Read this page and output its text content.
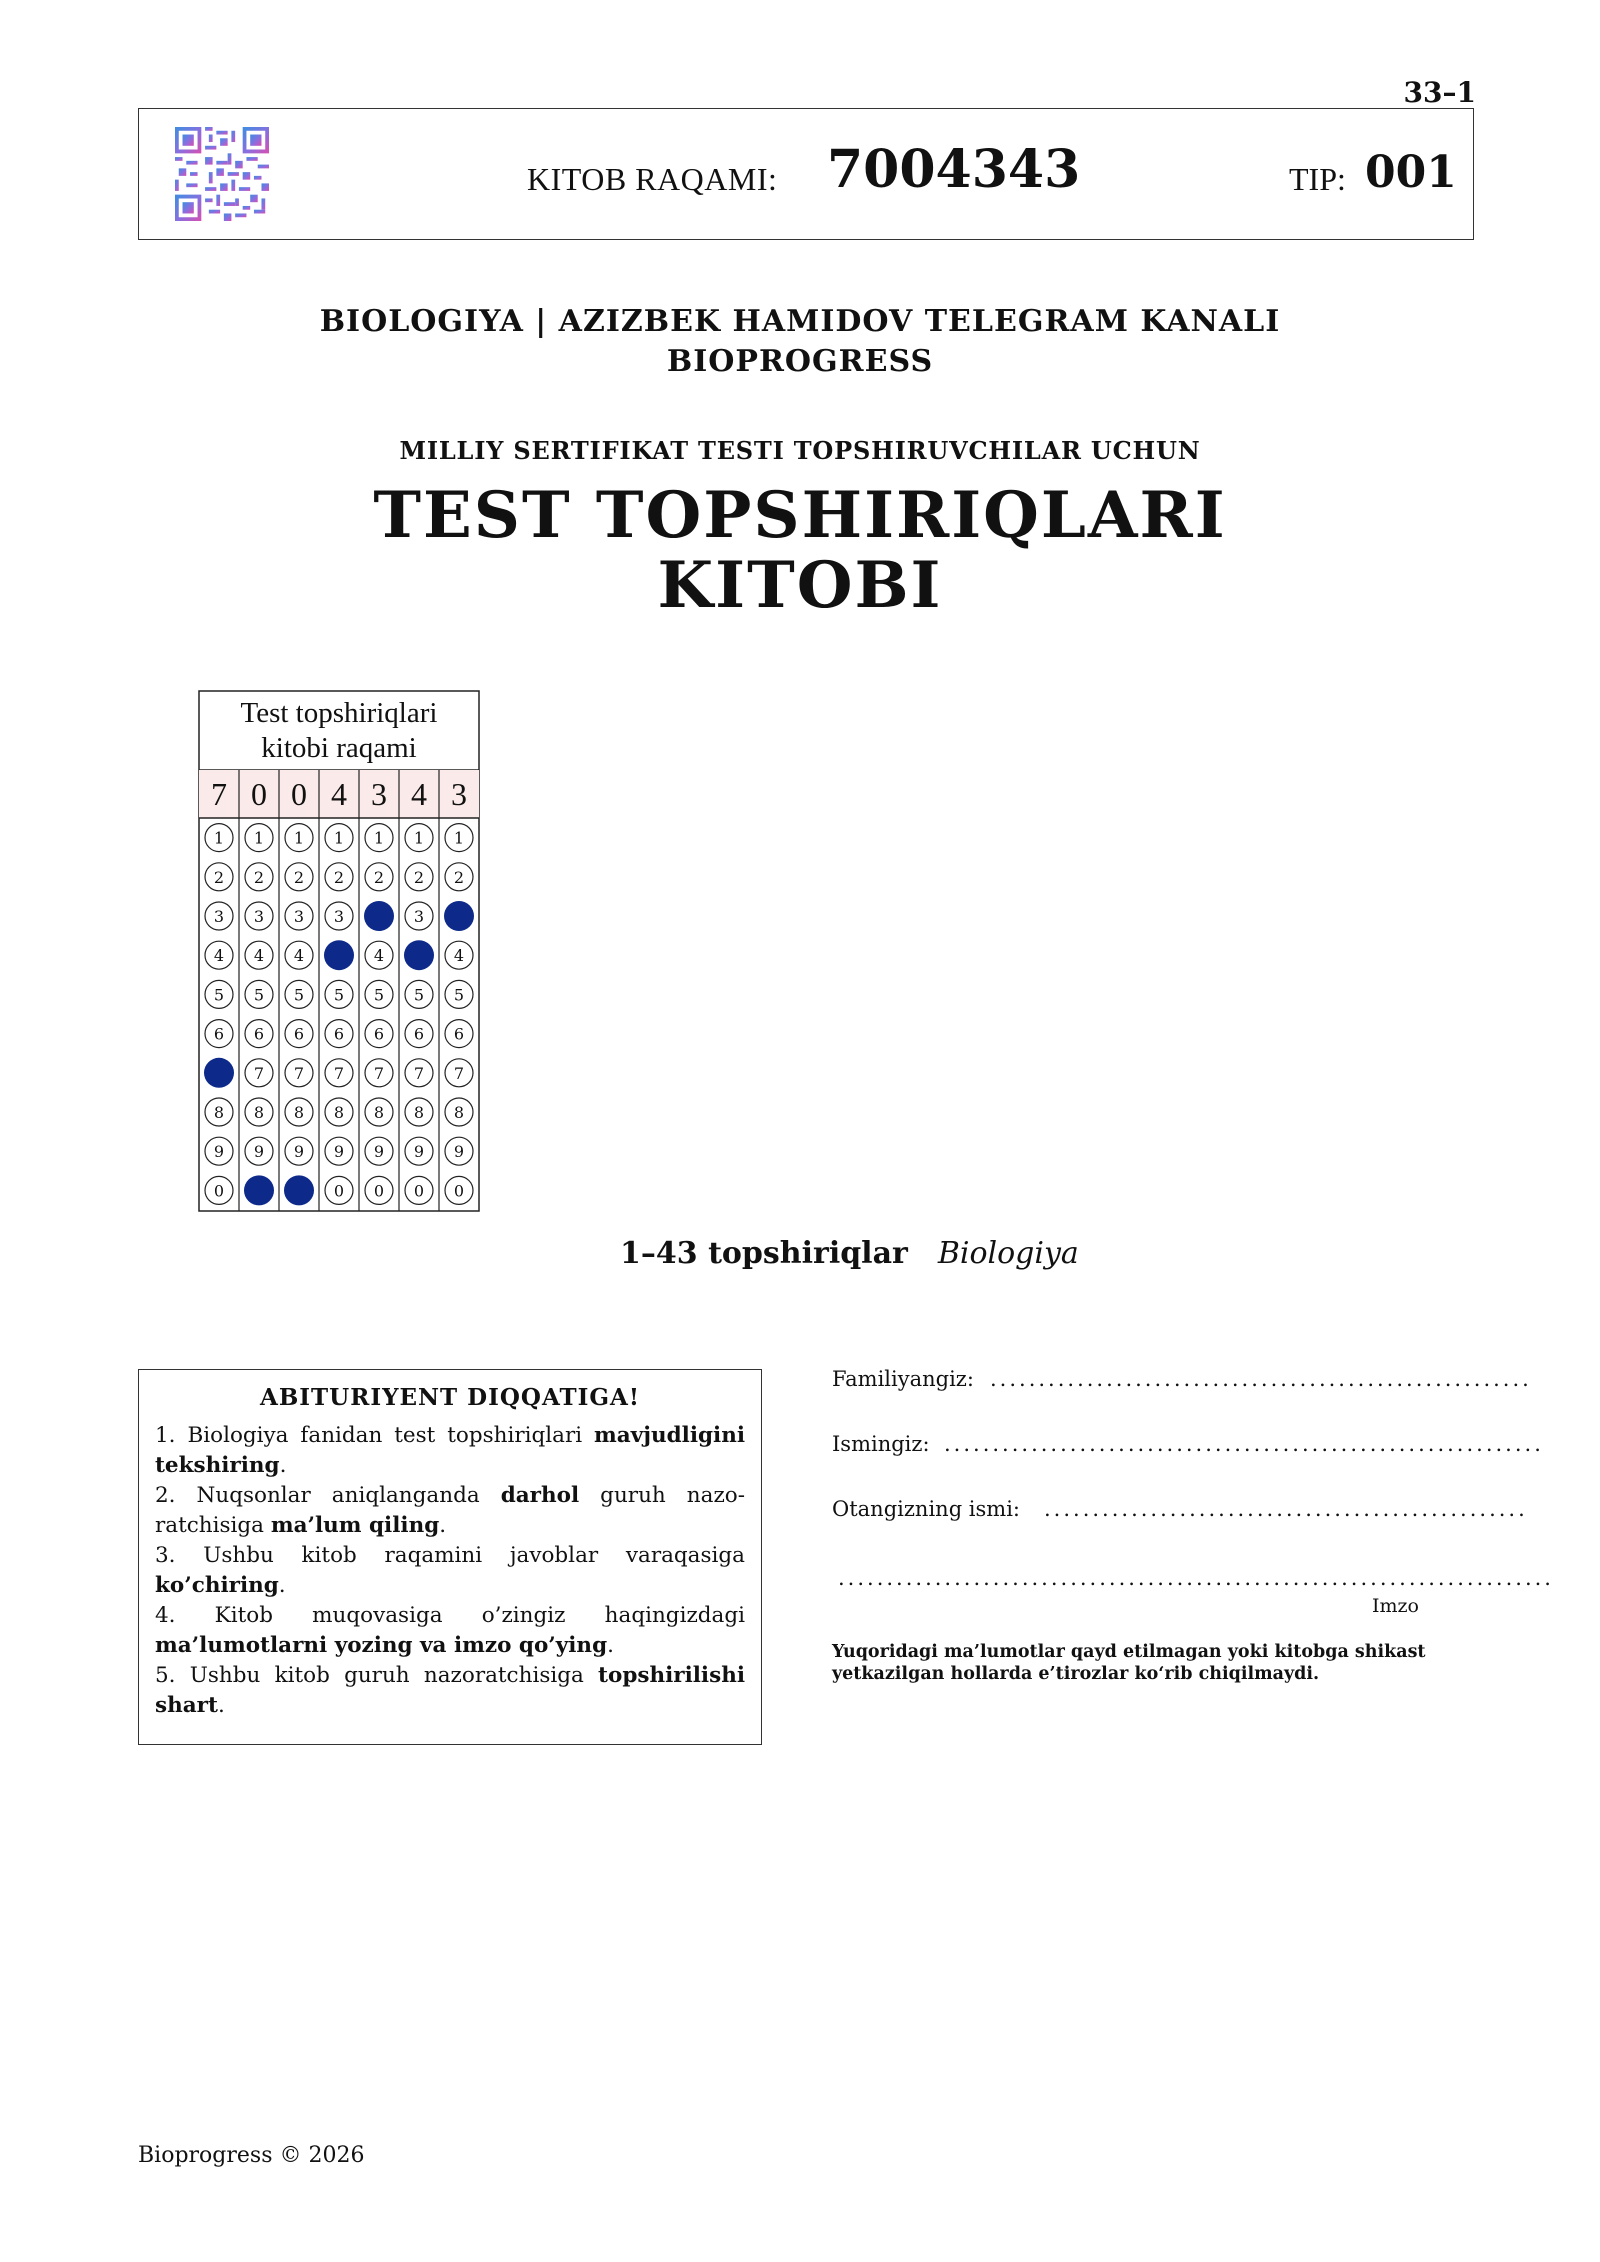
33–1
KITOB RAQAMI: 7004343	TIP: 001
BIOLOGIYA | AZIZBEK HAMIDOV TELEGRAM KANALI
BIOPROGRESS
MILLIY SERTIFIKAT TESTI TOPSHIRUVCHILAR UCHUN
TEST TOPSHIRIQLARI
KITOBI
Test topshiriqlari
kitobi raqami
7
1
2
3
4
5
6
8
9
0
0
1
2
3
4
5
6
7
8
9
0
1
2
3
4
5
6
7
8
9
4
1
2
3
5
6
7
8
9
0
3
1
2
4
5
6
7
8
9
0
4
1
2
3
5
6
7
8
9
0
3
1
2
4
5
6
7
8
9
0
1–43 topshiriqlar Biologiya
ABITURIYENT DIQQATIGA!

1. Biologiya fanidan test topshiriqlari mavjudligini tekshiring.

2. Nuqsonlar aniqlanganda darhol guruh nazoratchisiga ma’lum qiling.

3. Ushbu kitob raqamini javoblar varaqasiga ko’chiring.

4. Kitob muqovasiga o’zingiz haqingizdagi ma’lumotlarni yozing va imzo qo’ying.

5. Ushbu kitob guruh nazoratchisiga topshirilishi shart.

Familiyangiz: ........................................................
Ismingiz: ..............................................................
Otangizning ismi: ..................................................
..........................................................................
Imzo
Yuqoridagi ma’lumotlar qayd etilmagan yoki kitobga shikast yetkazilgan hollarda e’tirozlar ko‘rib chiqilmaydi.
Bioprogress © 2026
